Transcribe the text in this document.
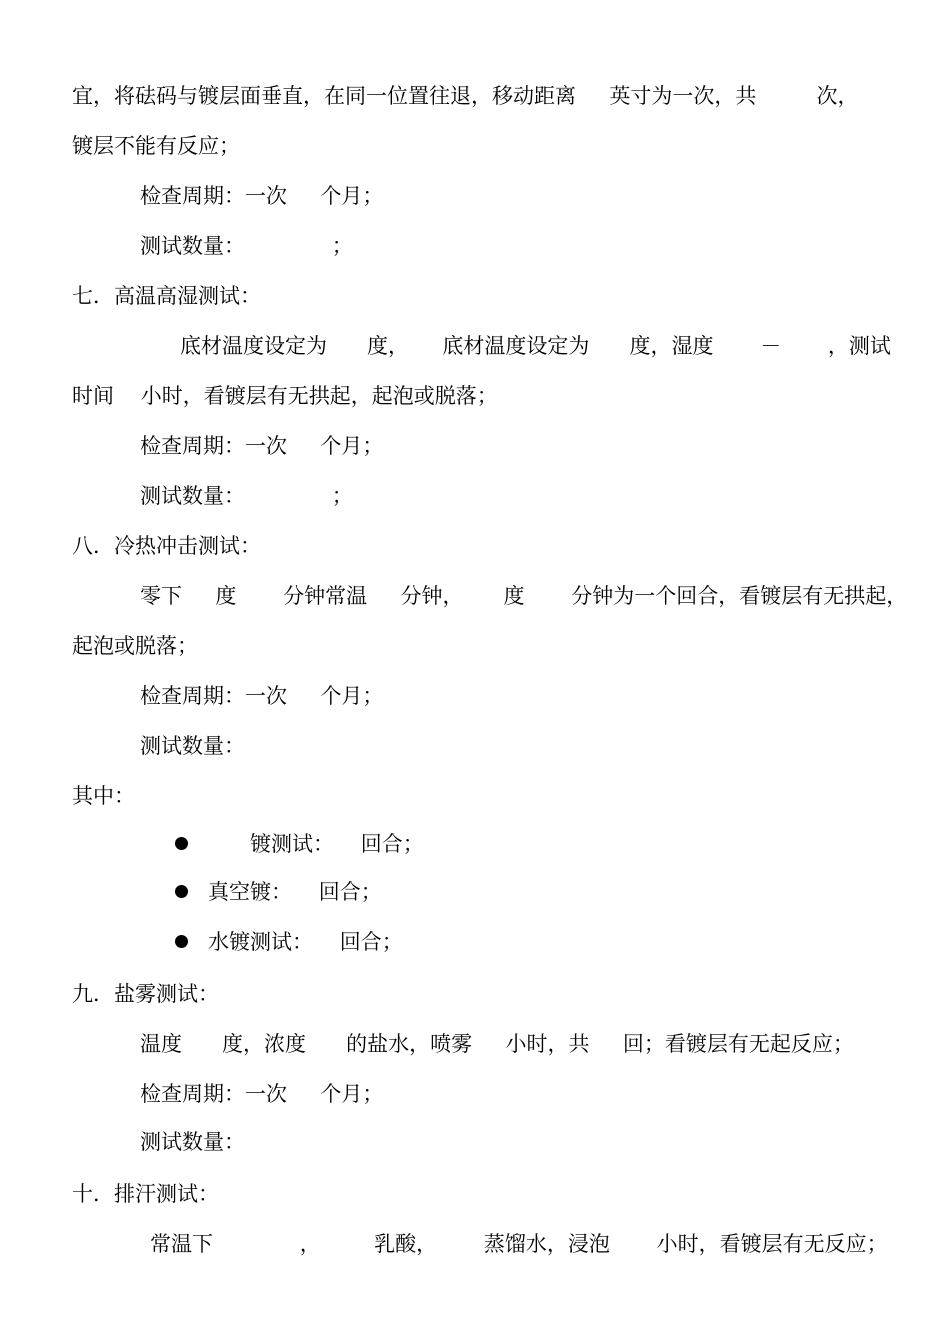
宜，将砝码与镀层面垂直，在同一位置往退，移动距离     英寸为一次，共         次，
镀层不能有反应；
检查周期：一次     个月；
测试数量：             ；
七．高温高湿测试：
底材温度设定为      度，     底材温度设定为      度，湿度       －       ，测试
时间    小时，看镀层有无拱起，起泡或脱落；
检查周期：一次     个月；
测试数量：             ；
八．冷热冲击测试：
零下     度       分钟常温     分钟，      度       分钟为一个回合，看镀层有无拱起，
起泡或脱落；
检查周期：一次     个月；
测试数量：
其中：
镀测试：    回合；
真空镀：    回合；
水镀测试：    回合；
九．盐雾测试：
温度      度，浓度      的盐水，喷雾     小时，共     回；看镀层有无起反应；
检查周期：一次     个月；
测试数量：
十．排汗测试：
常温下             ，        乳酸，       蒸馏水，浸泡       小时，看镀层有无反应；
